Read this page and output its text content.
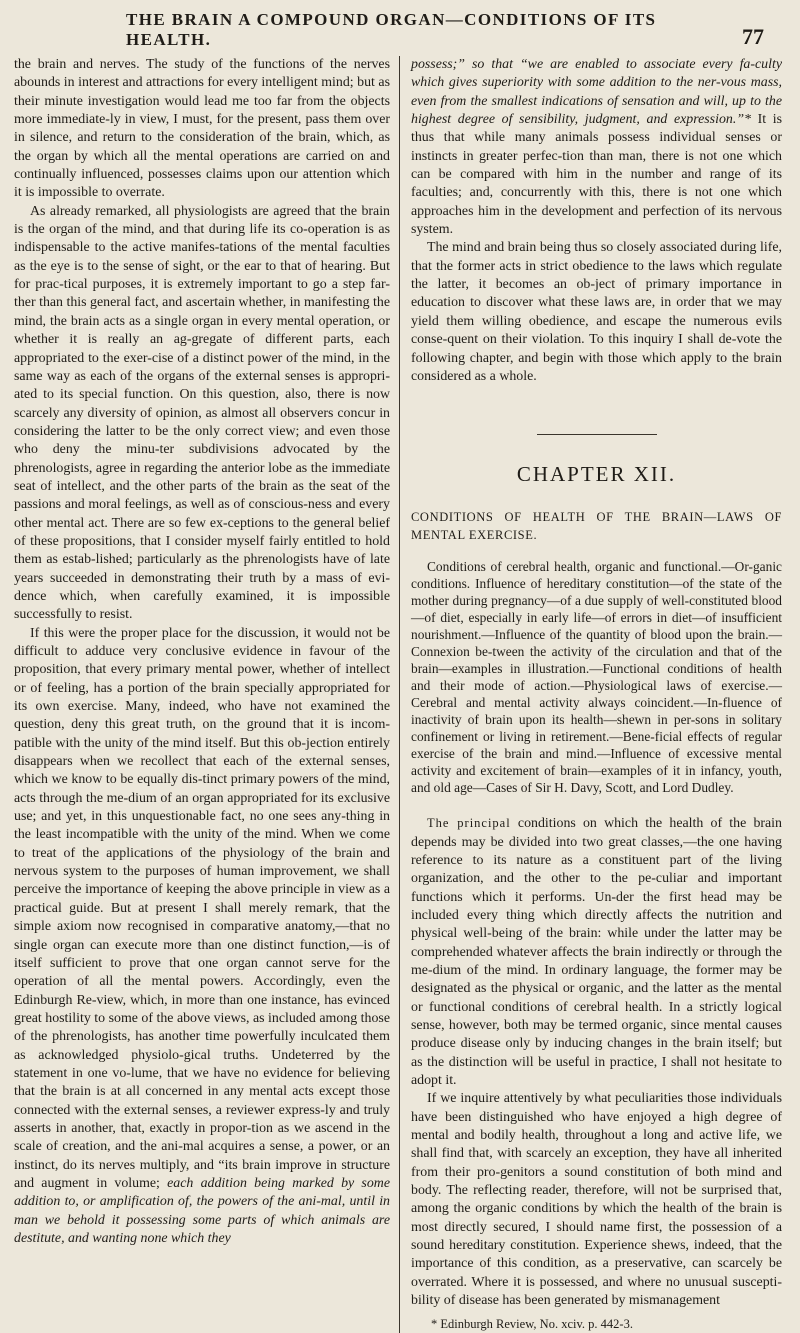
THE BRAIN A COMPOUND ORGAN—CONDITIONS OF ITS HEALTH.	77

the brain and nerves. The study of the functions of the nerves abounds in interest and attractions for every intelligent mind; but as their minute investigation would lead me too far from the objects more immediate-ly in view, I must, for the present, pass them over in silence, and return to the consideration of the brain, which, as the organ by which all the mental operations are carried on and continually influenced, possesses claims upon our attention which it is impossible to overrate.

As already remarked, all physiologists are agreed that the brain is the organ of the mind, and that during life its co-operation is as indispensable to the active manifes-tations of the mental faculties as the eye is to the sense of sight, or the ear to that of hearing. But for prac-tical purposes, it is extremely important to go a step far-ther than this general fact, and ascertain whether, in manifesting the mind, the brain acts as a single organ in every mental operation, or whether it is really an ag-gregate of different parts, each appropriated to the exer-cise of a distinct power of the mind, in the same way as each of the organs of the external senses is appropri-ated to its special function. On this question, also, there is now scarcely any diversity of opinion, as almost all observers concur in considering the latter to be the only correct view; and even those who deny the minu-ter subdivisions advocated by the phrenologists, agree in regarding the anterior lobe as the immediate seat of intellect, and the other parts of the brain as the seat of the passions and moral feelings, as well as of conscious-ness and every other mental act. There are so few ex-ceptions to the general belief of these propositions, that I consider myself fairly entitled to hold them as estab-lished; particularly as the phrenologists have of late years succeeded in demonstrating their truth by a mass of evi-dence which, when carefully examined, it is impossible successfully to resist.

If this were the proper place for the discussion, it would not be difficult to adduce very conclusive evidence in favour of the proposition, that every primary mental power, whether of intellect or of feeling, has a portion of the brain specially appropriated for its own exercise. Many, indeed, who have not examined the question, deny this great truth, on the ground that it is incom-patible with the unity of the mind itself. But this ob-jection entirely disappears when we recollect that each of the external senses, which we know to be equally dis-tinct primary powers of the mind, acts through the me-dium of an organ appropriated for its exclusive use; and yet, in this unquestionable fact, no one sees any-thing in the least incompatible with the unity of the mind. When we come to treat of the applications of the physiology of the brain and nervous system to the purposes of human improvement, we shall perceive the importance of keeping the above principle in view as a practical guide. But at present I shall merely remark, that the simple axiom now recognised in comparative anatomy,—that no single organ can execute more than one distinct function,—is of itself sufficient to prove that one organ cannot serve for the operation of all the mental powers. Accordingly, even the Edinburgh Re-view, which, in more than one instance, has evinced great hostility to some of the above views, as included among those of the phrenologists, has another time powerfully inculcated them as acknowledged physiolo-gical truths. Undeterred by the statement in one vo-lume, that we have no evidence for believing that the brain is at all concerned in any mental acts except those connected with the external senses, a reviewer express-ly and truly asserts in another, that, exactly in propor-tion as we ascend in the scale of creation, and the ani-mal acquires a sense, a power, or an instinct, do its nerves multiply, and “its brain improve in structure and augment in volume; each addition being marked by some addition to, or amplification of, the powers of the ani-mal, until in man we behold it possessing some parts of which animals are destitute, and wanting none which they

possess;” so that “we are enabled to associate every fa-culty which gives superiority with some addition to the ner-vous mass, even from the smallest indications of sensation and will, up to the highest degree of sensibility, judgment, and expression.”* It is thus that while many animals possess individual senses or instincts in greater perfec-tion than man, there is not one which can be compared with him in the number and range of its faculties; and, concurrently with this, there is not one which approaches him in the development and perfection of its nervous system.

The mind and brain being thus so closely associated during life, that the former acts in strict obedience to the laws which regulate the latter, it becomes an ob-ject of primary importance in education to discover what these laws are, in order that we may yield them willing obedience, and escape the numerous evils conse-quent on their violation. To this inquiry I shall de-vote the following chapter, and begin with those which apply to the brain considered as a whole.

CHAPTER XII.

CONDITIONS OF HEALTH OF THE BRAIN—LAWS OF MENTAL EXERCISE.

Conditions of cerebral health, organic and functional.—Or-ganic conditions. Influence of hereditary constitution—of the state of the mother during pregnancy—of a due supply of well-constituted blood—of diet, especially in early life—of errors in diet—of insufficient nourishment.—Influence of the quantity of blood upon the brain.—Connexion be-tween the activity of the circulation and that of the brain—examples in illustration.—Functional conditions of health and their mode of action.—Physiological laws of exercise.—Cerebral and mental activity always coincident.—In-fluence of inactivity of brain upon its health—shewn in per-sons in solitary confinement or living in retirement.—Bene-ficial effects of regular exercise of the brain and mind.—Influence of excessive mental activity and excitement of brain—examples of it in infancy, youth, and old age—Cases of Sir H. Davy, Scott, and Lord Dudley.

The principal conditions on which the health of the brain depends may be divided into two great classes,—the one having reference to its nature as a constituent part of the living organization, and the other to the pe-culiar and important functions which it performs. Un-der the first head may be included every thing which directly affects the nutrition and physical well-being of the brain: while under the latter may be comprehended whatever affects the brain indirectly or through the me-dium of the mind. In ordinary language, the former may be designated as the physical or organic, and the latter as the mental or functional conditions of cerebral health. In a strictly logical sense, however, both may be termed organic, since mental causes produce disease only by inducing changes in the brain itself; but as the distinction will be useful in practice, I shall not hesitate to adopt it.

If we inquire attentively by what peculiarities those individuals have been distinguished who have enjoyed a high degree of mental and bodily health, throughout a long and active life, we shall find that, with scarcely an exception, they have all inherited from their pro-genitors a sound constitution of both mind and body. The reflecting reader, therefore, will not be surprised that, among the organic conditions by which the health of the brain is most directly secured, I should name first, the possession of a sound hereditary constitution. Experience shews, indeed, that the importance of this condition, as a preservative, can scarcely be overrated. Where it is possessed, and where no unusual suscepti-bility of disease has been generated by mismanagement

* Edinburgh Review, No. xciv. p. 442-3.
